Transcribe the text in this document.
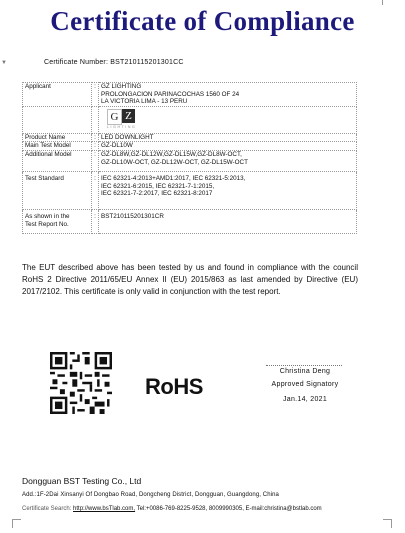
Certificate of Compliance
▼	Certificate Number: BST210115201301CC
Applicant	:	GZ LIGHTING
PROLONGACION PARINACOCHAS 1560 OF 24
LA VICTORIA LIMA - 13 PERU

		G Z
LIGHTING

Product Name	:	LED DOWNLIGHT
Main Test Model	:	GZ-DL10W
Additional Model	:	GZ-DL8W,GZ-DL12W,GZ-DL15W,GZ-DL8W-OCT,
GZ-DL10W-OCT, GZ-DL12W-OCT, GZ-DL15W-OCT

Test Standard	:	IEC 62321-4:2013+AMD1:2017, IEC 62321-5:2013,
IEC 62321-6:2015, IEC 62321-7-1:2015,
IEC 62321-7-2:2017, IEC 62321-8:2017

As shown in the
Test Report No.	:	BST210115201301CR
The EUT described above has been tested by us and found in compliance with the council RoHS 2 Directive 2011/65/EU Annex II (EU) 2015/863 as last amended by Directive (EU) 2017/2102. This certificate is only valid in conjunction with the test report.
RoHS
Christina Deng
Approved Signatory
Jan.14, 2021
Dongguan BST Testing Co., Ltd
Add.:1F-2Dai Xinsanyi Of Dongbao Road, Dongcheng District, Dongguan, Guangdong, China
Certificate Search: http://www.bsTlab.com, Tel:+0086-769-8225-9528, 8009990305, E-mail:christina@bstlab.com
